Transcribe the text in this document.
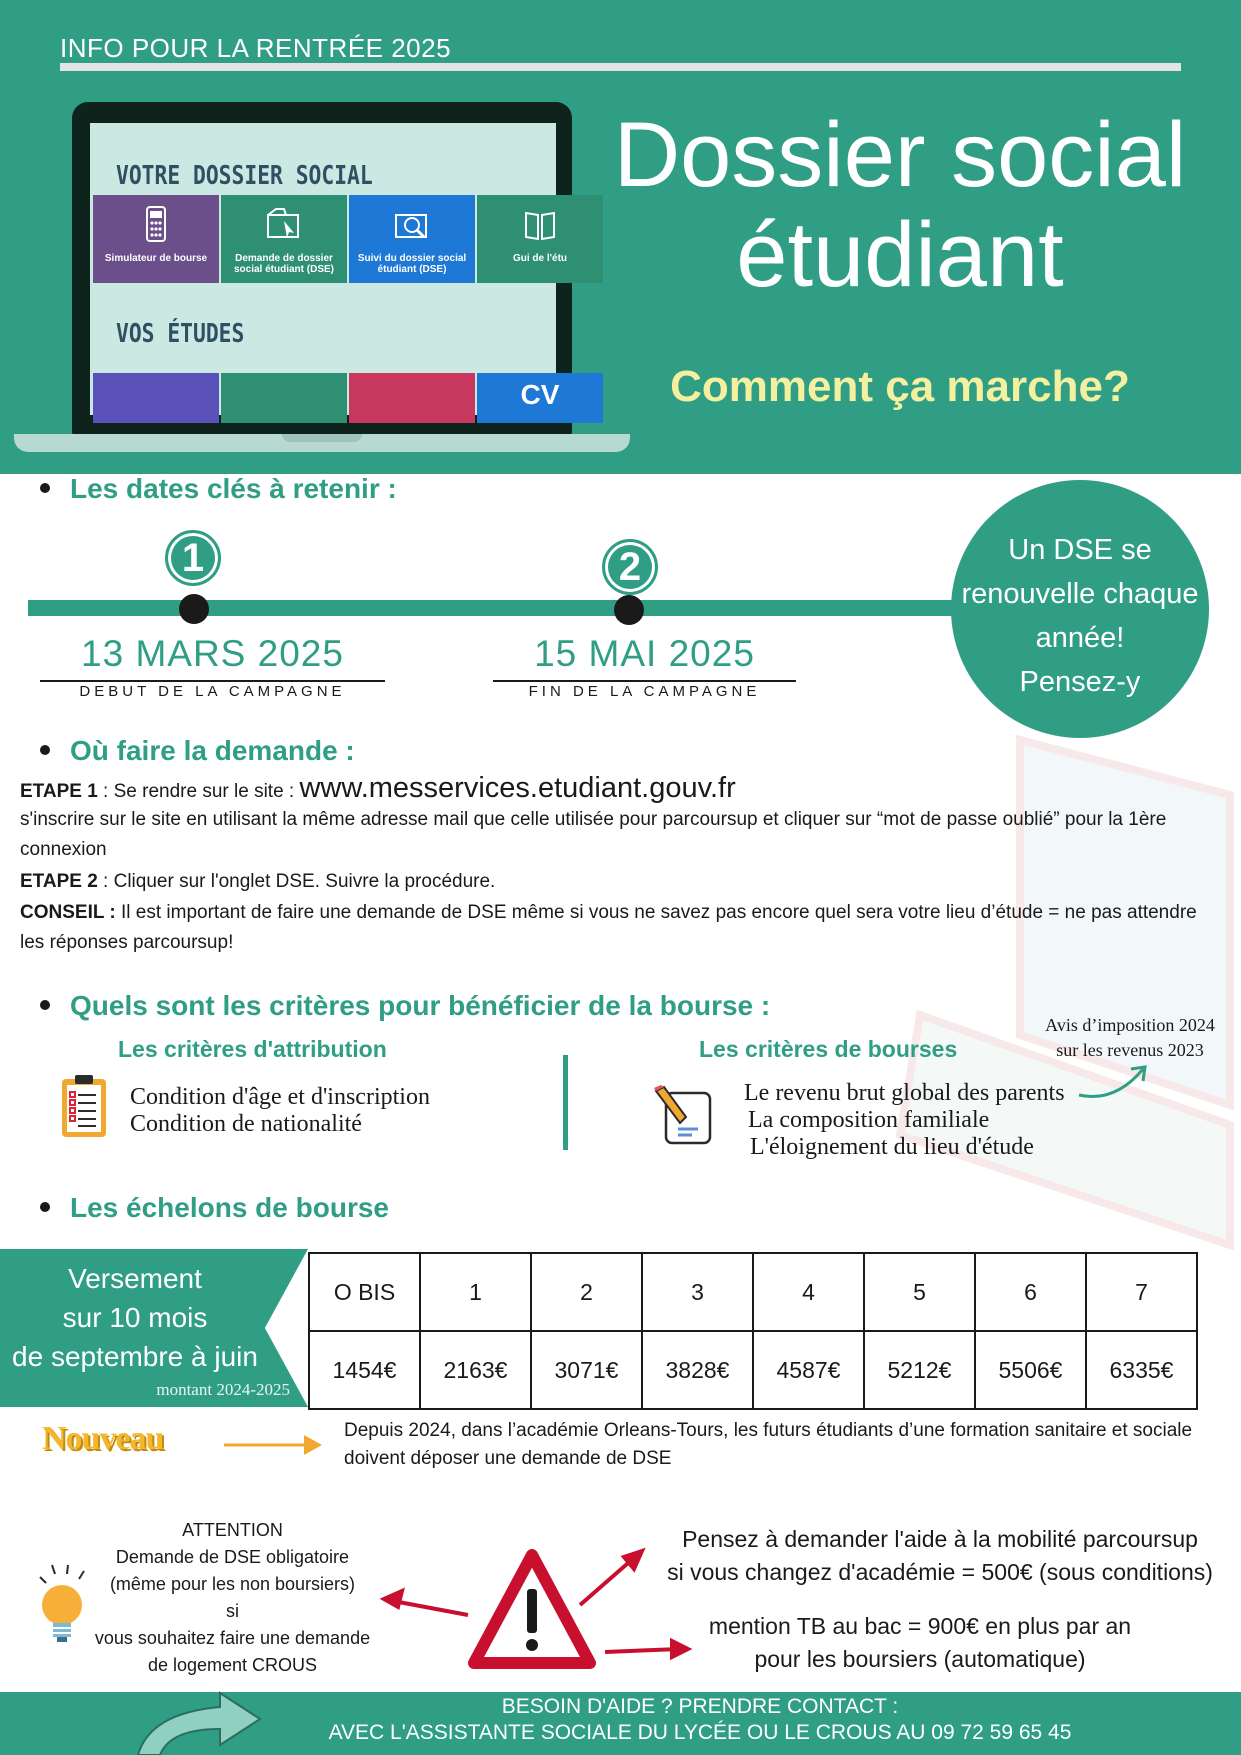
INFO POUR LA RENTRÉE 2025
VOTRE DOSSIER SOCIAL
Simulateur de bourse	Demande de dossier social étudiant (DSE)
Suivi du dossier social étudiant (DSE)
Gui de l'étu
VOS ÉTUDES
CV
Dossier social
étudiant
Comment ça marche?
Les dates clés à retenir :
1	2
13 MARS 2025
DEBUT DE LA CAMPAGNE
15 MAI 2025
FIN DE LA CAMPAGNE
Un DSE se
renouvelle chaque
année!
Pensez-y
Où faire la demande :
ETAPE 1 : Se rendre sur le site : www.messervices.etudiant.gouv.fr
s'inscrire sur le site en utilisant la même adresse mail que celle utilisée pour parcoursup et cliquer sur “mot de passe oublié” pour la 1ère connexion
ETAPE 2 : Cliquer sur l'onglet DSE. Suivre la procédure.
CONSEIL : Il est important de faire une demande de DSE même si vous ne savez pas encore quel sera votre lieu d’étude = ne pas attendre les réponses parcoursup!
Quels sont les critères pour bénéficier de la bourse :
Les critères d'attribution
Condition d'âge et d'inscription
Condition de nationalité
Les critères de bourses
Le revenu brut global des parents
La composition familiale
L'éloignement du lieu d'étude
Avis d’imposition 2024
sur les revenus 2023
Les échelons de bourse
Versement
sur 10 mois
de septembre à juin
montant 2024-2025
O BIS	1	2	3	4	5	6	7
1454€	2163€	3071€	3828€	4587€	5212€	5506€	6335€
Nouveau	Depuis 2024, dans l’académie Orleans-Tours, les futurs étudiants d’une formation sanitaire et sociale doivent déposer une demande de DSE
ATTENTION
Demande de DSE obligatoire
(même pour les non boursiers)
si
vous souhaitez faire une demande
de logement CROUS
Pensez à demander l'aide à la mobilité parcoursup
si vous changez d'académie = 500€ (sous conditions)
mention TB au bac = 900€ en plus par an
pour les boursiers (automatique)
BESOIN D'AIDE ? PRENDRE CONTACT :
AVEC L'ASSISTANTE SOCIALE DU LYCÉE OU LE CROUS AU 09 72 59 65 45
